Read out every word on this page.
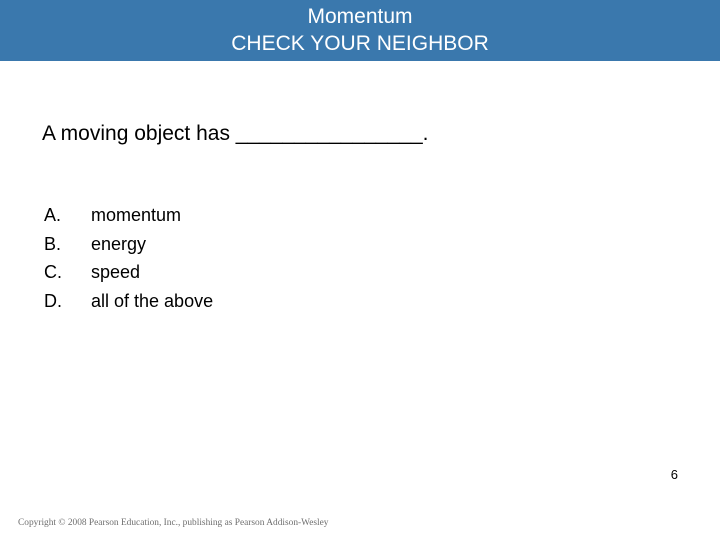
Momentum
CHECK YOUR NEIGHBOR
A moving object has ________________.
A.	momentum
B.	energy
C.	speed
D.	all of the above
6
Copyright © 2008 Pearson Education, Inc., publishing as Pearson Addison-Wesley
